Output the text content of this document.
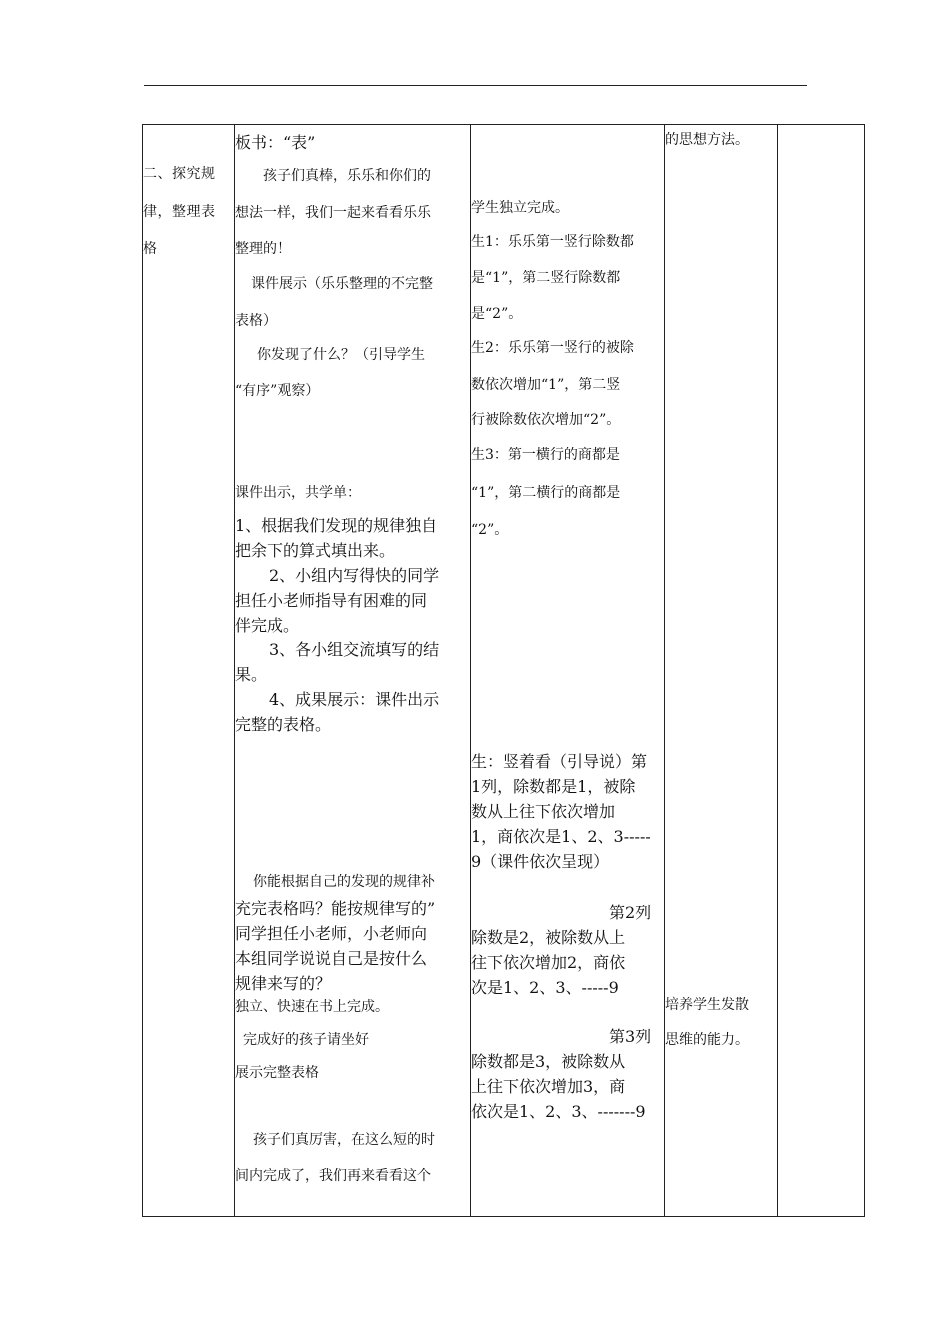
二、探究规

律，整理表

格

板书：“表”

孩子们真棒，乐乐和你们的

想法一样，我们一起来看看乐乐

整理的！

课件展示（乐乐整理的不完整

表格）

你发现了什么？（引导学生

“有序”观察）

课件出示，共学单：

1、根据我们发现的规律独自

把余下的算式填出来。

2、小组内写得快的同学

担任小老师指导有困难的同

伴完成。

3、各小组交流填写的结

果。

4、成果展示：课件出示

完整的表格。

你能根据自己的发现的规律补

充完表格吗？能按规律写的”

同学担任小老师，小老师向

本组同学说说自己是按什么

规律来写的？

独立、快速在书上完成。

完成好的孩子请坐好

展示完整表格

孩子们真厉害，在这么短的时

间内完成了，我们再来看看这个

学生独立完成。

生1：乐乐第一竖行除数都

是“1”，第二竖行除数都

是“2”。

生2：乐乐第一竖行的被除

数依次增加“1”，第二竖

行被除数依次增加“2”。

生3：第一横行的商都是

“1”，第二横行的商都是

“2”。

生：竖着看（引导说）第

1列，除数都是1，被除

数从上往下依次增加

1，商依次是1、2、3-----

9（课件依次呈现）

第2列

除数是2，被除数从上

往下依次增加2，商依

次是1、2、3、-----9

第3列

除数都是3，被除数从

上往下依次增加3，商

依次是1、2、3、-------9

的思想方法。

培养学生发散

思维的能力。
